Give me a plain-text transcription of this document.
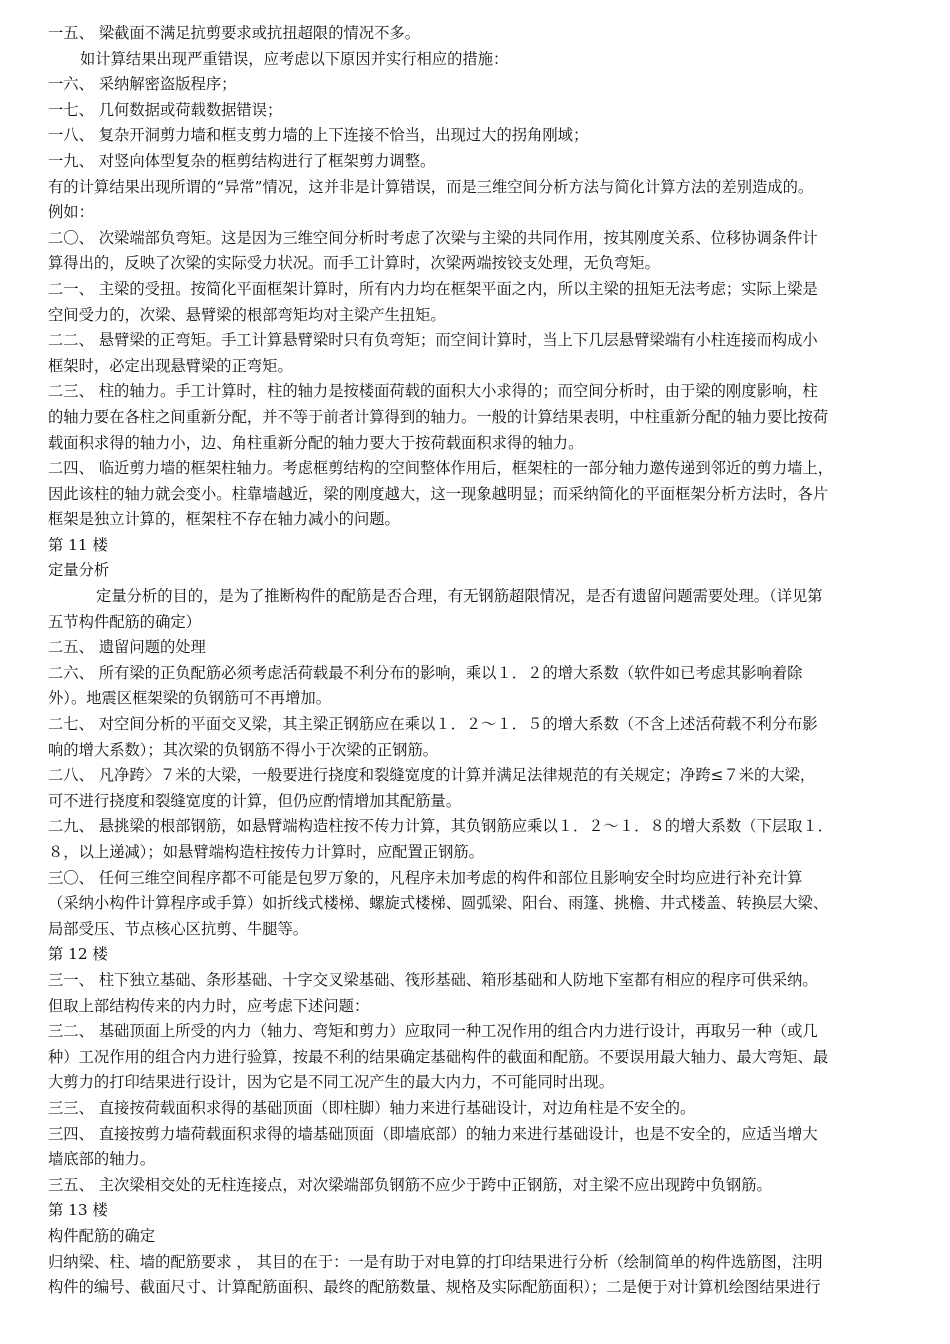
一五、 梁截面不满足抗剪要求或抗扭超限的情况不多。
如计算结果出现严重错误，应考虑以下原因并实行相应的措施：
一六、 采纳解密盗版程序；
一七、 几何数据或荷载数据错误；
一八、 复杂开洞剪力墙和框支剪力墙的上下连接不恰当，出现过大的拐角刚域；
一九、 对竖向体型复杂的框剪结构进行了框架剪力调整。
有的计算结果出现所谓的“异常”情况，这并非是计算错误，而是三维空间分析方法与简化计算方法的差别造成的。
例如：
二〇、 次梁端部负弯矩。这是因为三维空间分析时考虑了次梁与主梁的共同作用，按其刚度关系、位移协调条件计
算得出的，反映了次梁的实际受力状况。而手工计算时，次梁两端按铰支处理，无负弯矩。
二一、 主梁的受扭。按简化平面框架计算时，所有内力均在框架平面之内，所以主梁的扭矩无法考虑；实际上梁是
空间受力的，次梁、悬臂梁的根部弯矩均对主梁产生扭矩。
二二、 悬臂梁的正弯矩。手工计算悬臂梁时只有负弯矩；而空间计算时，当上下几层悬臂梁端有小柱连接而构成小
框架时，必定出现悬臂梁的正弯矩。
二三、 柱的轴力。手工计算时，柱的轴力是按楼面荷载的面积大小求得的；而空间分析时，由于梁的刚度影响，柱
的轴力要在各柱之间重新分配，并不等于前者计算得到的轴力。一般的计算结果表明，中柱重新分配的轴力要比按荷
载面积求得的轴力小，边、角柱重新分配的轴力要大于按荷载面积求得的轴力。
二四、 临近剪力墙的框架柱轴力。考虑框剪结构的空间整体作用后，框架柱的一部分轴力邀传递到邻近的剪力墙上，
因此该柱的轴力就会变小。柱靠墙越近，梁的刚度越大，这一现象越明显；而采纳简化的平面框架分析方法时，各片
框架是独立计算的，框架柱不存在轴力减小的问题。
第 11 楼
定量分析
定量分析的目的，是为了推断构件的配筋是否合理，有无钢筋超限情况，是否有遗留问题需要处理。（详见第
五节构件配筋的确定）
二五、 遗留问题的处理
二六、 所有梁的正负配筋必须考虑活荷载最不利分布的影响，乘以１．２的增大系数（软件如已考虑其影响着除
外）。地震区框架梁的负钢筋可不再增加。
二七、 对空间分析的平面交叉梁，其主梁正钢筋应在乘以１．２～１．５的增大系数（不含上述活荷载不利分布影
响的增大系数）；其次梁的负钢筋不得小于次梁的正钢筋。
二八、 凡净跨〉７米的大梁，一般要进行挠度和裂缝宽度的计算并满足法律规范的有关规定；净跨≤７米的大梁，
可不进行挠度和裂缝宽度的计算，但仍应酌情增加其配筋量。
二九、 悬挑梁的根部钢筋，如悬臂端构造柱按不传力计算，其负钢筋应乘以１．２～１．８的增大系数（下层取１．
８，以上递减）；如悬臂端构造柱按传力计算时，应配置正钢筋。
三〇、 任何三维空间程序都不可能是包罗万象的，凡程序未加考虑的构件和部位且影响安全时均应进行补充计算
（采纳小构件计算程序或手算）如折线式楼梯、螺旋式楼梯、圆弧梁、阳台、雨篷、挑檐、井式楼盖、转换层大梁、
局部受压、节点核心区抗剪、牛腿等。
第 12 楼
三一、 柱下独立基础、条形基础、十字交叉梁基础、筏形基础、箱形基础和人防地下室都有相应的程序可供采纳。
但取上部结构传来的内力时，应考虑下述问题：
三二、 基础顶面上所受的内力（轴力、弯矩和剪力）应取同一种工况作用的组合内力进行设计，再取另一种（或几
种）工况作用的组合内力进行验算，按最不利的结果确定基础构件的截面和配筋。不要误用最大轴力、最大弯矩、最
大剪力的打印结果进行设计，因为它是不同工况产生的最大内力，不可能同时出现。
三三、 直接按荷载面积求得的基础顶面（即柱脚）轴力来进行基础设计，对边角柱是不安全的。
三四、 直接按剪力墙荷载面积求得的墙基础顶面（即墙底部）的轴力来进行基础设计，也是不安全的，应适当增大
墙底部的轴力。
三五、 主次梁相交处的无柱连接点，对次梁端部负钢筋不应少于跨中正钢筋，对主梁不应出现跨中负钢筋。
第 13 楼
构件配筋的确定
归纳梁、柱、墙的配筋要求 ， 其目的在于：一是有助于对电算的打印结果进行分析（绘制简单的构件选筋图，注明
构件的编号、截面尺寸、计算配筋面积、最终的配筋数量、规格及实际配筋面积）；二是便于对计算机绘图结果进行
